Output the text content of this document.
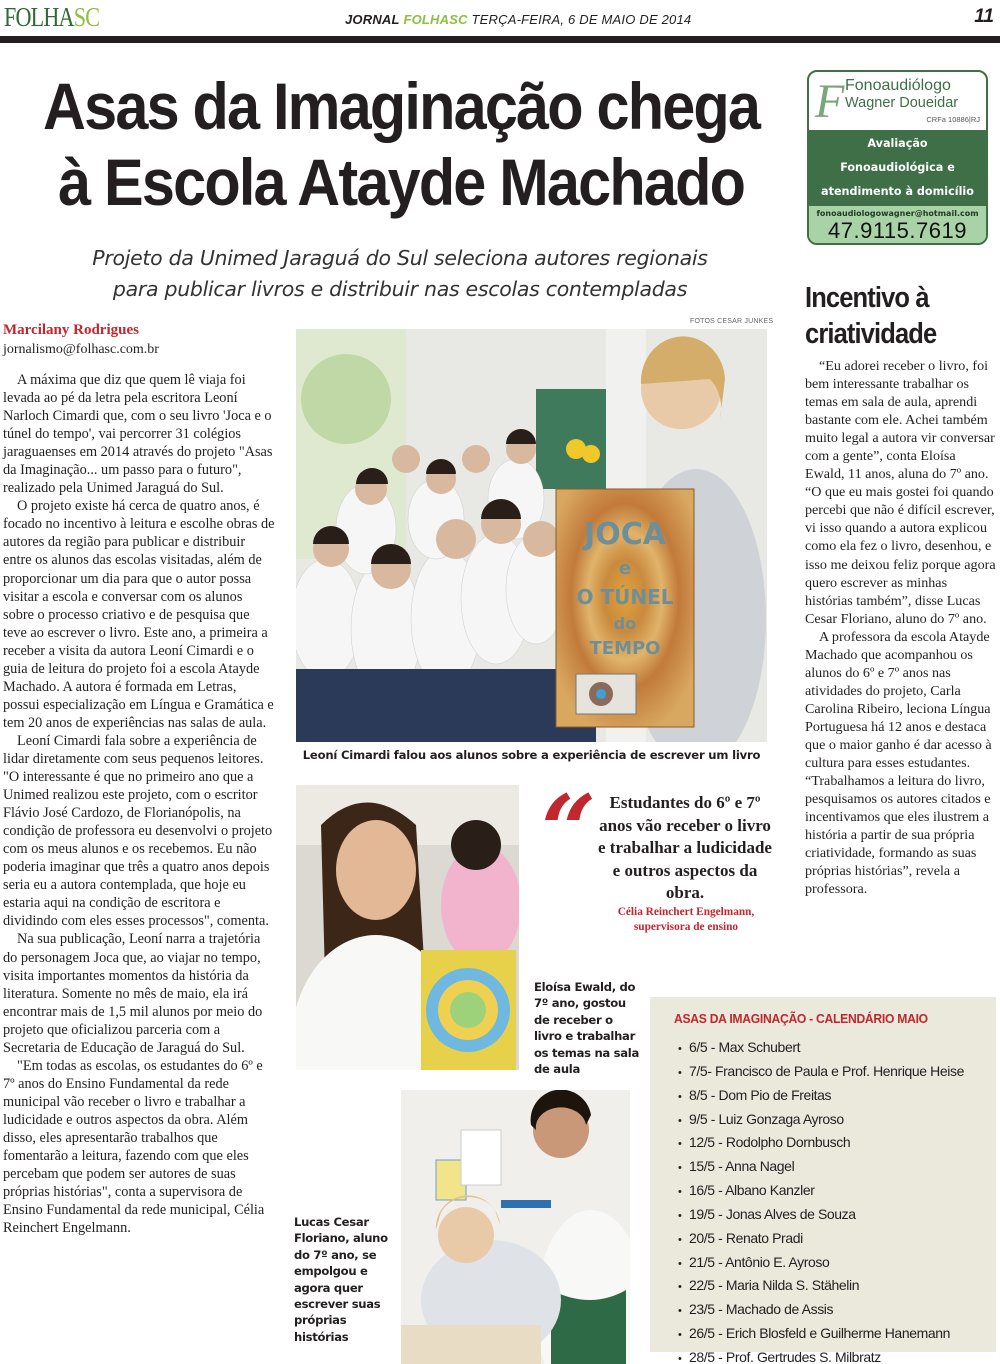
FOLHASC	JORNAL FOLHASC TERÇA-FEIRA, 6 DE MAIO DE 2014	11
Asas da Imaginação chega
à Escola Atayde Machado
Projeto da Unimed Jaraguá do Sul seleciona autores regionais
para publicar livros e distribuir nas escolas contempladas
F Fonoaudiólogo
Wagner Doueidar
CRFa 10886|RJ
Avaliação
Fonoaudiológica e
atendimento à domicílio
fonoaudiologowagner@hotmail.com
47.9115.7619
Marcilany Rodrigues
jornalismo@folhasc.com.br

A máxima que diz que quem lê viaja foi levada ao pé da letra pela escritora Leoní Narloch Cimardi que, com o seu livro 'Joca e o túnel do tempo', vai percorrer 31 colégios jaraguaenses em 2014 através do projeto "Asas da Imaginação... um passo para o futuro", realizado pela Unimed Jaraguá do Sul.

O projeto existe há cerca de quatro anos, é focado no incentivo à leitura e escolhe obras de autores da região para publicar e distribuir entre os alunos das escolas visitadas, além de proporcionar um dia para que o autor possa visitar a escola e conversar com os alunos sobre o processo criativo e de pesquisa que teve ao escrever o livro. Este ano, a primeira a receber a visita da autora Leoní Cimardi e o guia de leitura do projeto foi a escola Atayde Machado. A autora é formada em Letras, possui especialização em Língua e Gramática e tem 20 anos de experiências nas salas de aula.

Leoní Cimardi fala sobre a experiência de lidar diretamente com seus pequenos leitores. "O interessante é que no primeiro ano que a Unimed realizou este projeto, com o escritor Flávio José Cardozo, de Florianópolis, na condição de professora eu desenvolvi o projeto com os meus alunos e os recebemos. Eu não poderia imaginar que três a quatro anos depois seria eu a autora contemplada, que hoje eu estaria aqui na condição de escritora e dividindo com eles esses processos", comenta.

Na sua publicação, Leoní narra a trajetória do personagem Joca que, ao viajar no tempo, visita importantes momentos da história da literatura. Somente no mês de maio, ela irá encontrar mais de 1,5 mil alunos por meio do projeto que oficializou parceria com a Secretaria de Educação de Jaraguá do Sul.

"Em todas as escolas, os estudantes do 6º e 7º anos do Ensino Fundamental da rede municipal vão receber o livro e trabalhar a ludicidade e outros aspectos da obra. Além disso, eles apresentarão trabalhos que fomentarão a leitura, fazendo com que eles percebam que podem ser autores de suas próprias histórias", conta a supervisora de Ensino Fundamental da rede municipal, Célia Reinchert Engelmann.

FOTOS CESAR JUNKES
JOCA
e
O TÚNEL
do
TEMPO
Leoní Cimardi falou aos alunos sobre a experiência de escrever um livro
Eloísa Ewald, do 7º ano, gostou de receber o livro e trabalhar os temas na sala de aula
“	Estudantes do 6º e 7º anos vão receber o livro e trabalhar a ludicidade e outros aspectos da obra.
Célia Reinchert Engelmann,
supervisora de ensino
Lucas Cesar Floriano, aluno do 7º ano, se empolgou e agora quer escrever suas próprias histórias
Incentivo à
criatividade

“Eu adorei receber o livro, foi bem interessante trabalhar os temas em sala de aula, aprendi bastante com ele. Achei também muito legal a autora vir conversar com a gente”, conta Eloísa Ewald, 11 anos, aluna do 7º ano. “O que eu mais gostei foi quando percebi que não é difícil escrever, vi isso quando a autora explicou como ela fez o livro, desenhou, e isso me deixou feliz porque agora quero escrever as minhas histórias também”, disse Lucas Cesar Floriano, aluno do 7º ano.

A professora da escola Atayde Machado que acompanhou os alunos do 6º e 7º anos nas atividades do projeto, Carla Carolina Ribeiro, leciona Língua Portuguesa há 12 anos e destaca que o maior ganho é dar acesso à cultura para esses estudantes. “Trabalhamos a leitura do livro, pesquisamos os autores citados e incentivamos que eles ilustrem a história a partir de sua própria criatividade, formando as suas próprias histórias”, revela a professora.

ASAS DA IMAGINAÇÃO - CALENDÁRIO MAIO
• 6/5 - Max Schubert
• 7/5- Francisco de Paula e Prof. Henrique Heise
• 8/5 - Dom Pio de Freitas
• 9/5 - Luiz Gonzaga Ayroso
• 12/5 - Rodolpho Dornbusch
• 15/5 - Anna Nagel
• 16/5 - Albano Kanzler
• 19/5 - Jonas Alves de Souza
• 20/5 - Renato Pradi
• 21/5 - Antônio E. Ayroso
• 22/5 - Maria Nilda S. Stähelin
• 23/5 - Machado de Assis
• 26/5 - Erich Blosfeld e Guilherme Hanemann
• 28/5 - Prof. Gertrudes S. Milbratz
